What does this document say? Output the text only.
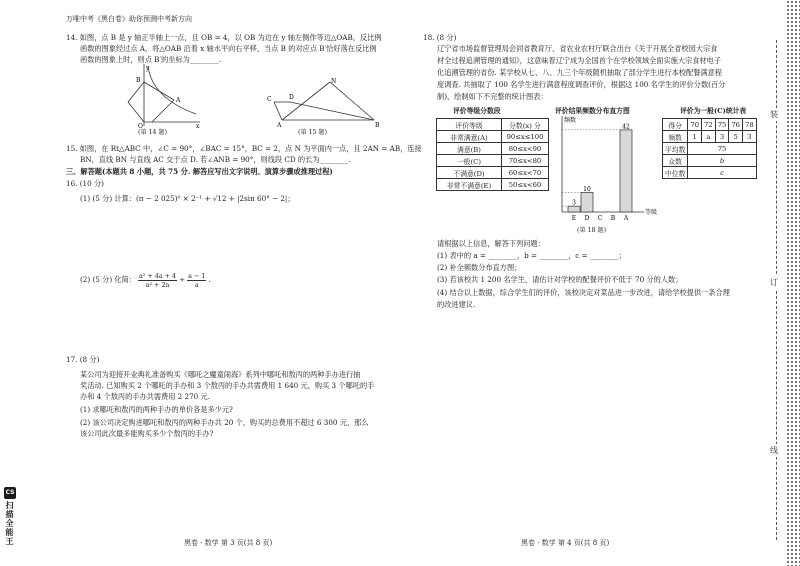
万唯中考《黑白卷》助你预测中考新方向
14. 如图，点 B 是 y 轴正半轴上一点，且 OB = 4，以 OB 为边在 y 轴左侧作等边△OAB，反比例
函数的图象经过点 A，将△OAB 沿着 x 轴水平向右平移，当点 B 的对应点 B′恰好落在反比例
函数的图象上时，则点 B′的坐标为________.
y
B
A
O	x
(第 14 题)
C	D
N
A	B
(第 15 题)
15. 如图，在 Rt△ABC 中，∠C = 90°，∠BAC = 15°，BC = 2，点 N 为平面内一点，且 2AN = AB，连接
BN，直线 BN 与直线 AC 交于点 D. 若∠ANB = 90°，则线段 CD 的长为________.
三、解答题(本题共 8 小题，共 75 分. 解答应写出文字说明、演算步骤或推理过程)
16. (10 分)
(1) (5 分) 计算：(π − 2 025)⁰ × 2⁻¹ + √12 + |2sin 60° − 2|；
(2) (5 分) 化简： $\frac{\text{a² + 4a + 4}}{\text{a² + 2a}} \div \frac{a - 1}{a}$ .
17. (8 分)
某公司为迎接开业典礼准备购买《哪吒之魔童闹海》系列中哪吒和敖丙的两种手办进行抽
奖活动. 已知购买 2 个哪吒的手办和 3 个敖丙的手办共需费用 1 640 元，购买 3 个哪吒的手
办和 4 个敖丙的手办共需费用 2 270 元.
(1) 求哪吒和敖丙的两种手办的单价各是多少元?
(2) 该公司决定购进哪吒和敖丙的两种手办共 20 个，购买的总费用不超过 6 300 元，那么
该公司此次最多能购买多少个敖丙的手办?
黑卷 · 数学 第 3 页(共 8 页)
CS
扫描全能王
18. (8 分)
辽宁省市场监督管理局会同省教育厅、省农业农村厅联合出台《关于开展全省校园大宗食
材全过程追溯管理的通知》，这意味着辽宁成为全国首个在学校领域全面实施大宗食材电子
化追溯管理的省份. 某学校从七、八、九三个年级随机抽取了部分学生进行本校配餐满意程
度调查. 共抽取了 100 名学生进行满意程度调查评价，根据这 100 名学生的评价分数(百分
制)，绘制如下不完整的统计图表：
评价等级分数段
评价等级	分数(x) 分
非常满意(A)	90≤x≤100
满意(B)	80≤x<90
一般(C)	70≤x<80
不满意(D)	60≤x<70
非常不满意(E)	50≤x<60
评价结果频数分布直方图
频数
等级
E
3
D
10
C B A
42
(第 18 题)
评价为一般(C)统计表
得分	70	72	75	76	78
频数	1	a	3	5	3
平均数	75				
众数	b				
中位数	c				
请根据以上信息，解答下列问题：
(1) 表中的 a = ________，b = ________，c = ________；
(2) 补全频数分布直方图；
(3) 若该校共 1 200 名学生，请估计对学校的配餐评价不低于 70 分的人数；
(4) 结合以上数据，综合学生们的评价，该校决定对菜品进一步改进，请给学校提供一条合理
的改进建议.
黑卷 · 数学 第 4 页(共 8 页)
装
订
线
